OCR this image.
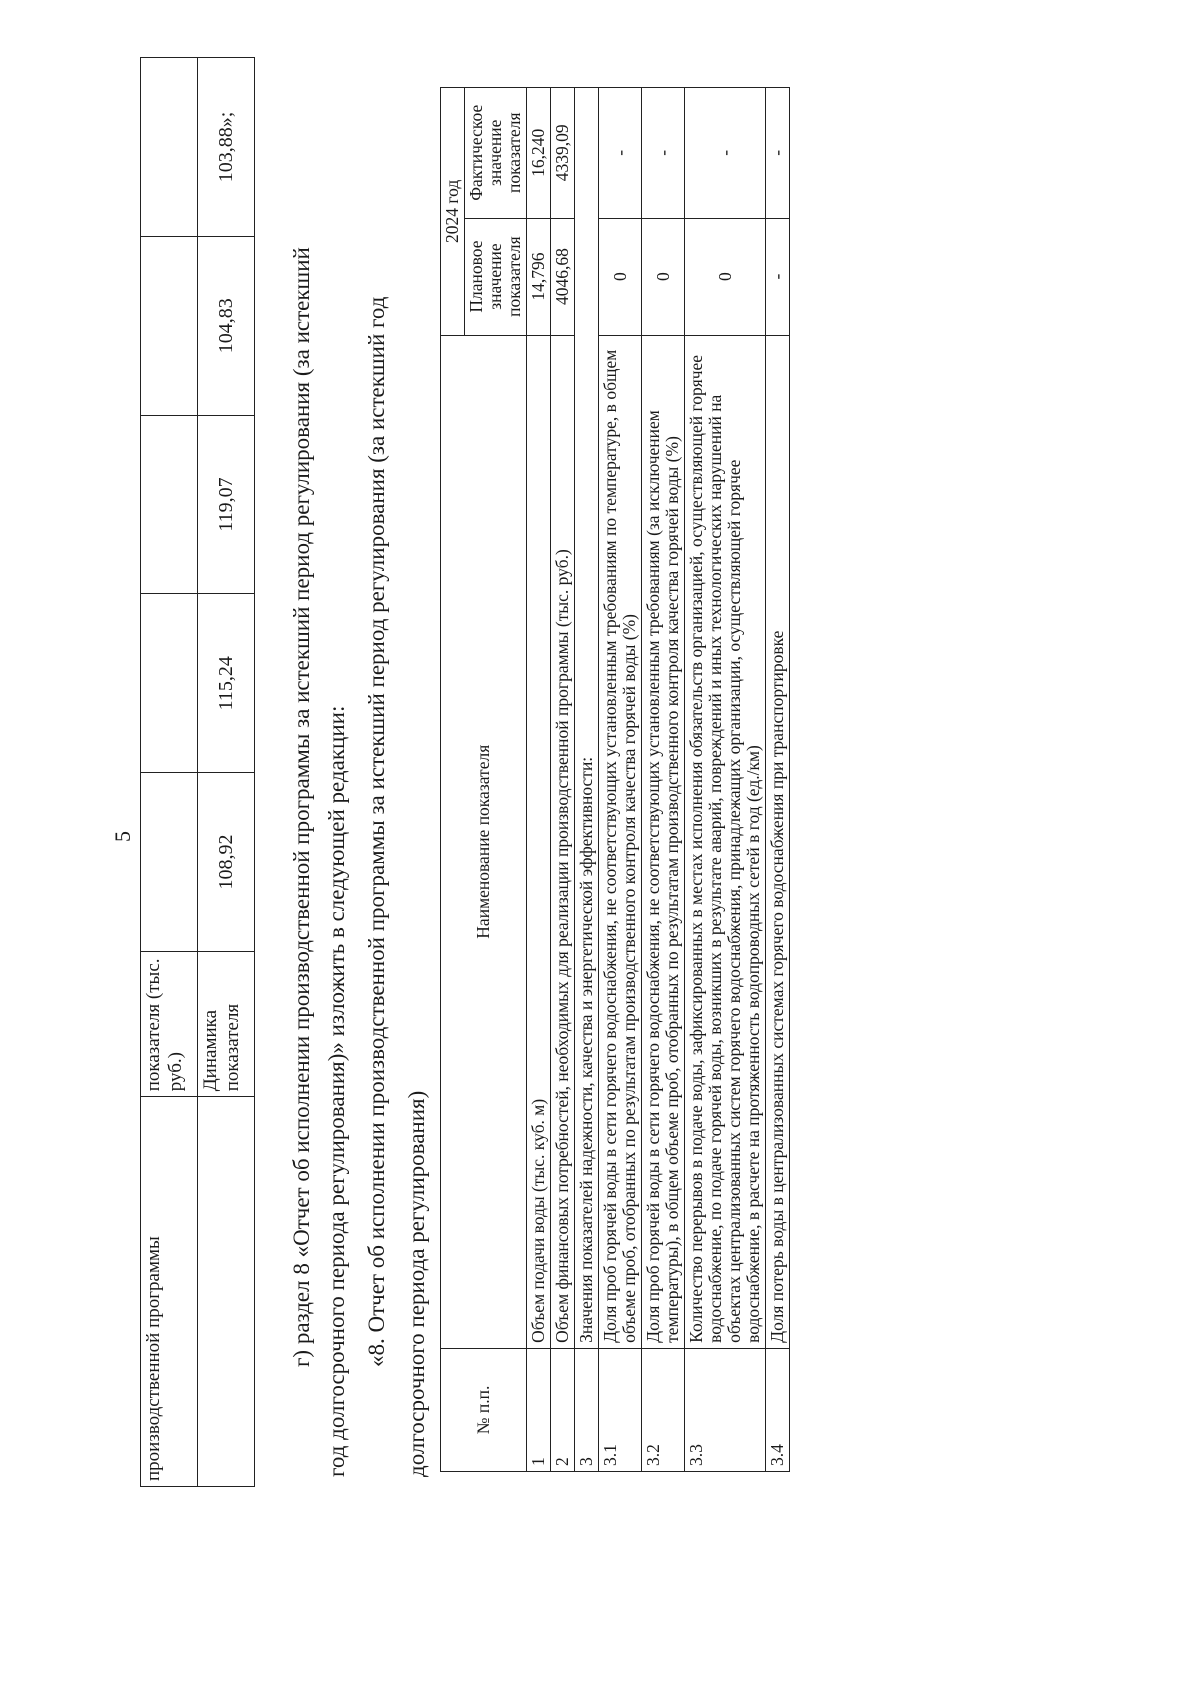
5
производственной программы	показателя (тыс. руб.)					
	Динамика показателя	108,92	115,24	119,07	104,83	103,88»;
г) раздел 8 «Отчет об исполнении производственной программы за истекший период регулирования (за истекший год долгосрочного периода регулирования)» изложить в следующей редакции: «8. Отчет об исполнении производственной программы за истекший период регулирования (за истекший год долгосрочного периода регулирования)	№ п.п.	Наименование показателя	2024 год	
		Плановое значение показателя	Фактическое значение показателя
1	Объем подачи воды (тыс. куб. м)	14,796	16,240
2	Объем финансовых потребностей, необходимых для реализации производственной программы (тыс. руб.)	4046,68	4339,09
3	Значения показателей надежности, качества и энергетической эффективности:		
3.1	Доля проб горячей воды в сети горячего водоснабжения, не соответствующих установленным требованиям по температуре, в общем объеме проб, отобранных по результатам производственного контроля качества горячей воды (%)	0	-
3.2	Доля проб горячей воды в сети горячего водоснабжения, не соответствующих установленным требованиям (за исключением температуры), в общем объеме проб, отобранных по результатам производственного контроля качества горячей воды (%)	0	-
3.3	Количество перерывов в подаче воды, зафиксированных в местах исполнения обязательств организацией, осуществляющей горячее водоснабжение, по подаче горячей воды, возникших в результате аварий, повреждений и иных технологических нарушений на объектах централизованных систем горячего водоснабжения, принадлежащих организации, осуществляющей горячее водоснабжение, в расчете на протяженность водопроводных сетей в год (ед./км)	0	-
3.4	Доля потерь воды в централизованных системах горячего водоснабжения при транспортировке	-	-
